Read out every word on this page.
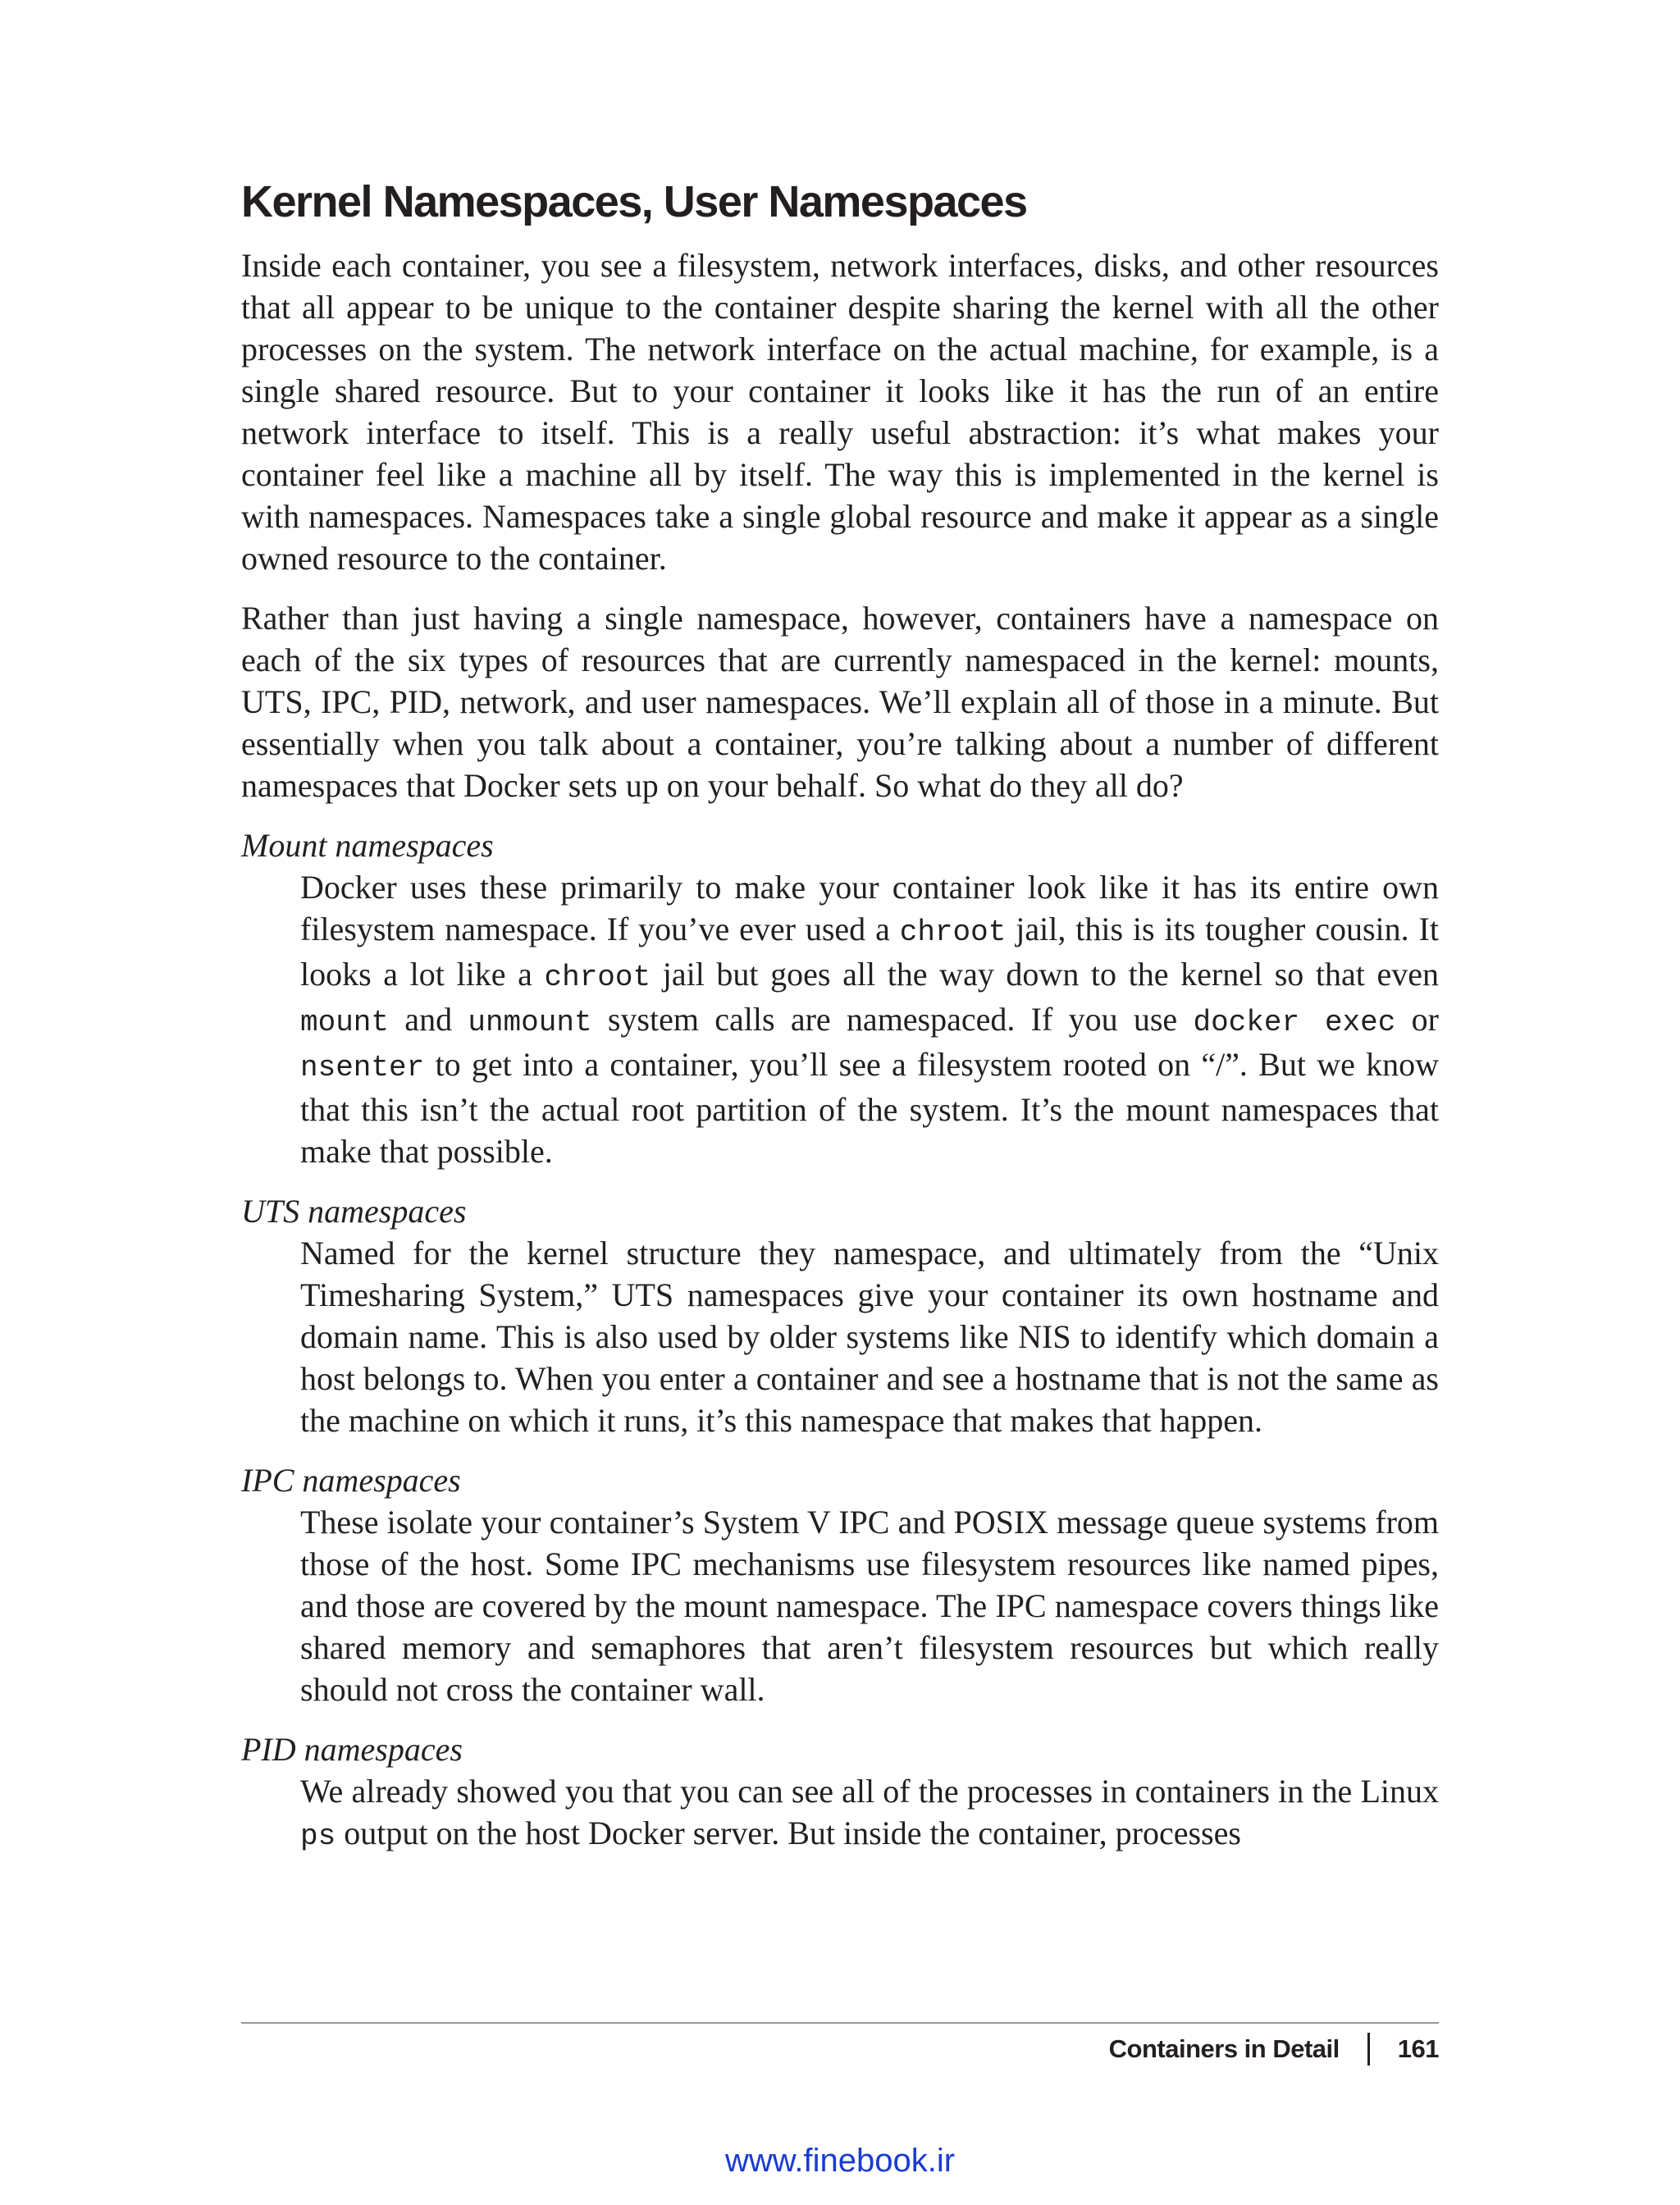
Kernel Namespaces, User Namespaces

Inside each container, you see a filesystem, network interfaces, disks, and other resources that all appear to be unique to the container despite sharing the kernel with all the other processes on the system. The network interface on the actual machine, for example, is a single shared resource. But to your container it looks like it has the run of an entire network interface to itself. This is a really useful abstraction: it’s what makes your container feel like a machine all by itself. The way this is implemented in the kernel is with namespaces. Namespaces take a single global resource and make it appear as a single owned resource to the container.

Rather than just having a single namespace, however, containers have a namespace on each of the six types of resources that are currently namespaced in the kernel: mounts, UTS, IPC, PID, network, and user namespaces. We’ll explain all of those in a minute. But essentially when you talk about a container, you’re talking about a number of different namespaces that Docker sets up on your behalf. So what do they all do?

Mount namespaces
Docker uses these primarily to make your container look like it has its entire own filesystem namespace. If you’ve ever used a chroot jail, this is its tougher cousin. It looks a lot like a chroot jail but goes all the way down to the kernel so that even mount and unmount system calls are namespaced. If you use docker exec or nsenter to get into a container, you’ll see a filesystem rooted on “/”. But we know that this isn’t the actual root partition of the system. It’s the mount namespaces that make that possible.
UTS namespaces
Named for the kernel structure they namespace, and ultimately from the “Unix Timesharing System,” UTS namespaces give your container its own hostname and domain name. This is also used by older systems like NIS to identify which domain a host belongs to. When you enter a container and see a hostname that is not the same as the machine on which it runs, it’s this namespace that makes that happen.
IPC namespaces
These isolate your container’s System V IPC and POSIX message queue systems from those of the host. Some IPC mechanisms use filesystem resources like named pipes, and those are covered by the mount namespace. The IPC namespace covers things like shared memory and semaphores that aren’t filesystem resources but which really should not cross the container wall.
PID namespaces
We already showed you that you can see all of the processes in containers in the Linux ps output on the host Docker server. But inside the container, processes
Containers in Detail 161
www.finebook.ir
